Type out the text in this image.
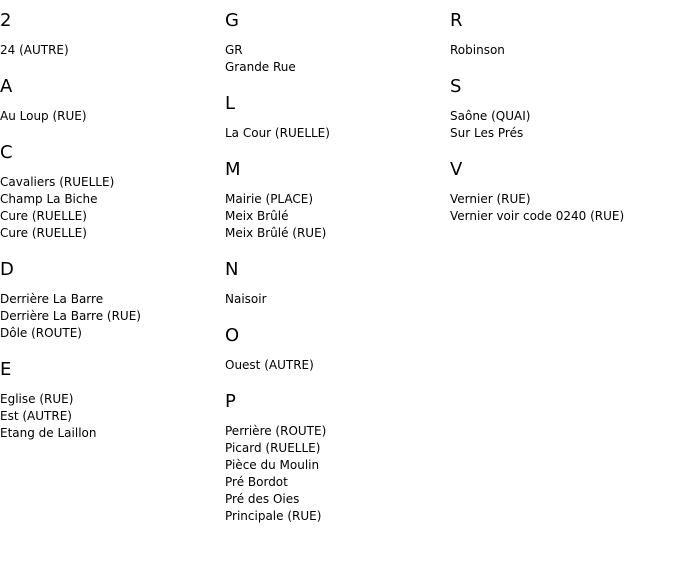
2
24 (AUTRE)
A
Au Loup (RUE)
C
Cavaliers (RUELLE)
Champ La Biche
Cure (RUELLE)
Cure (RUELLE)
D
Derrière La Barre
Derrière La Barre (RUE)
Dôle (ROUTE)
E
Eglise (RUE)
Est (AUTRE)
Etang de Laillon
G
GR
Grande Rue
L
La Cour (RUELLE)
M
Mairie (PLACE)
Meix Brûlé
Meix Brûlé (RUE)
N
Naisoir
O
Ouest (AUTRE)
P
Perrière (ROUTE)
Picard (RUELLE)
Pièce du Moulin
Pré Bordot
Pré des Oies
Principale (RUE)
R
Robinson
S
Saône (QUAI)
Sur Les Prés
V
Vernier (RUE)
Vernier voir code 0240 (RUE)
